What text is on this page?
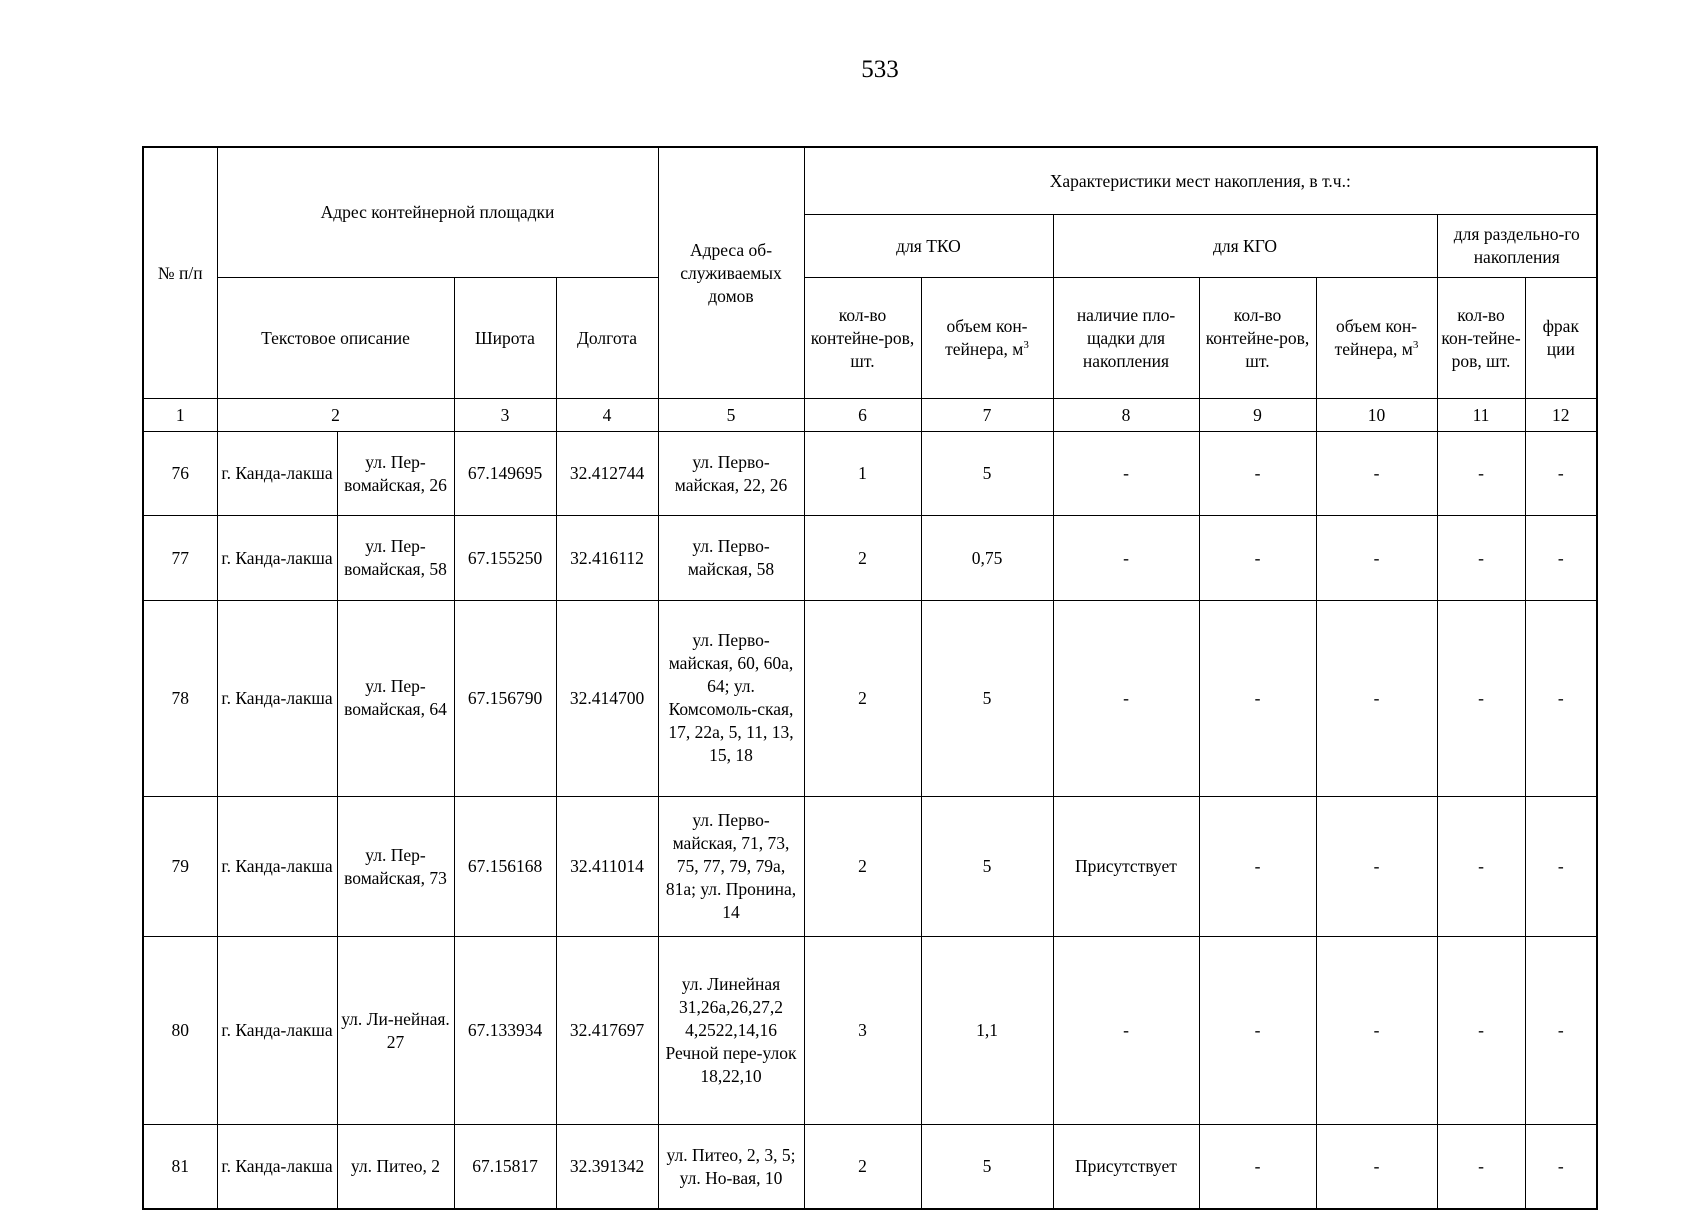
533
№ п/п	Адрес контейнерной площадки				Адреса об-служиваемых домов	Характеристики мест накопления, в т.ч.:						
						для ТКО		для КГО			для раздельно-го накопления	
						кол-во контейне-ров, шт.	объем кон-тейнера, $м^3$	наличие пло-щадки для накопления	кол-во контейне-ров, шт.	объем кон-тейнера, $м^3$	кол-во кон-тейне-ров, шт.	фрак ции
	Текстовое описание		Широта	Долгота								
1	2		3	4	5	6	7	8	9	10	11	12
76	г. Канда-лакша	ул. Пер-вомайская, 26	67.149695	32.412744	ул. Перво-майская, 22, 26	1	5	-	-	-	-	-
77	г. Канда-лакша	ул. Пер-вомайская, 58	67.155250	32.416112	ул. Перво-майская, 58	2	0,75	-	-	-	-	-
78	г. Канда-лакша	ул. Пер-вомайская, 64	67.156790	32.414700	ул. Перво-майская, 60, 60а, 64; ул. Комсомоль-ская, 17, 22а, 5, 11, 13, 15, 18	2	5	-	-	-	-	-
79	г. Канда-лакша	ул. Пер-вомайская, 73	67.156168	32.411014	ул. Перво-майская, 71, 73, 75, 77, 79, 79а, 81а; ул. Пронина, 14	2	5	Присутствует	-	-	-	-
80	г. Канда-лакша	ул. Ли-нейная. 27	67.133934	32.417697	ул. Линейная 31,26а,26,27,2 4,2522,14,16 Речной пере-улок 18,22,10	3	1,1	-	-	-	-	-
81	г. Канда-лакша	ул. Питео, 2	67.15817	32.391342	ул. Питео, 2, 3, 5; ул. Но-вая, 10	2	5	Присутствует	-	-	-	-
